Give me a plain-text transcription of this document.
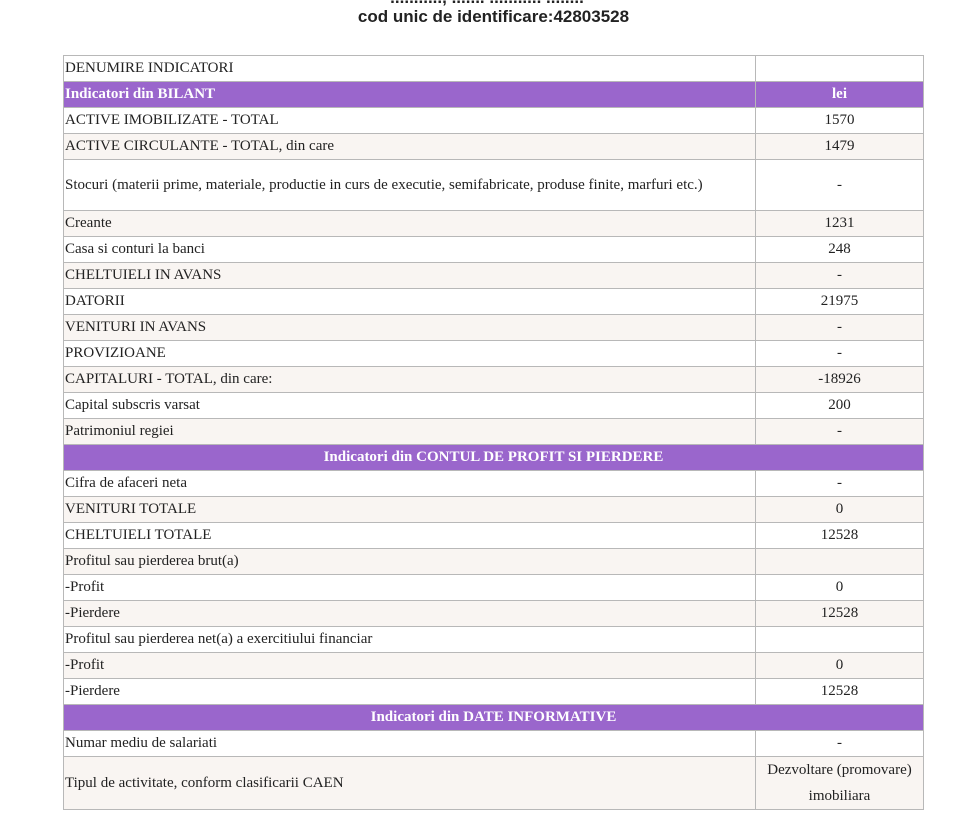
cod unic de identificare:42803528
DENUMIRE INDICATORI	
Indicatori din BILANT	lei
ACTIVE IMOBILIZATE - TOTAL	1570
ACTIVE CIRCULANTE - TOTAL, din care	1479
Stocuri (materii prime, materiale, productie in curs de executie, semifabricate, produse finite, marfuri etc.)	-
Creante	1231
Casa si conturi la banci	248
CHELTUIELI IN AVANS	-
DATORII	21975
VENITURI IN AVANS	-
PROVIZIOANE	-
CAPITALURI - TOTAL, din care:	-18926
Capital subscris varsat	200
Patrimoniul regiei	-
Indicatori din CONTUL DE PROFIT SI PIERDERE	
Cifra de afaceri neta	-
VENITURI TOTALE	0
CHELTUIELI TOTALE	12528
Profitul sau pierderea brut(a)	
-Profit	0
-Pierdere	12528
Profitul sau pierderea net(a) a exercitiului financiar	
-Profit	0
-Pierdere	12528
Indicatori din DATE INFORMATIVE	
Numar mediu de salariati	-
Tipul de activitate, conform clasificarii CAEN	Dezvoltare (promovare) imobiliara
